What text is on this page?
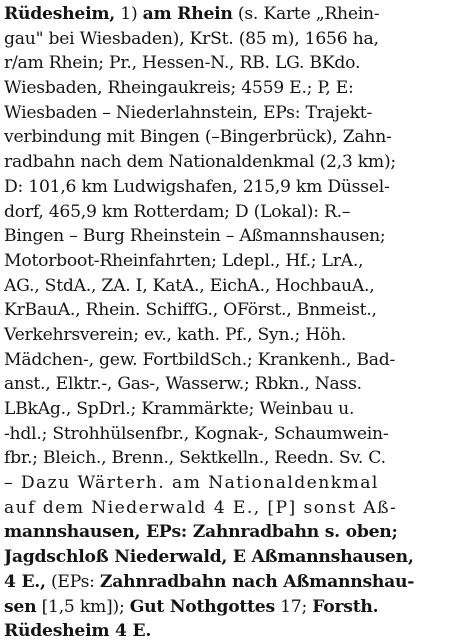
Rüdesheim, 1) am Rhein (s. Karte „Rhein-
gau" bei Wiesbaden), KrSt. (85 m), 1656 ha,
r/am Rhein; Pr., Hessen-N., RB. LG. BKdo.
Wiesbaden, Rheingaukreis; 4559 E.; P, E:
Wiesbaden – Niederlahnstein, EPs: Trajekt-
verbindung mit Bingen (–Bingerbrück), Zahn-
radbahn nach dem Nationaldenkmal (2,3 km);
D: 101,6 km Ludwigshafen, 215,9 km Düssel-
dorf, 465,9 km Rotterdam; D (Lokal): R.–
Bingen – Burg Rheinstein – Aßmannshausen;
Motorboot-Rheinfahrten; Ldepl., Hf.; LrA.,
AG., StdA., ZA. I, KatA., EichA., HochbauA.,
KrBauA., Rhein. SchiffG., OFörst., Bnmeist.,
Verkehrsverein; ev., kath. Pf., Syn.; Höh.
Mädchen-, gew. FortbildSch.; Krankenh., Bad-
anst., Elktr.-, Gas-, Wasserw.; Rbkn., Nass.
LBkAg., SpDrl.; Krammärkte; Weinbau u.
-hdl.; Strohhülsenfbr., Kognak-, Schaumwein-
fbr.; Bleich., Brenn., Sektkelln., Reedn. Sv. C.
– Dazu Wärterh. am Nationaldenkmal
auf dem Niederwald 4 E., [P] sonst Aß-
mannshausen, EPs: Zahnradbahn s. oben;
Jagdschloß Niederwald, E Aßmannshausen,
4 E., (EPs: Zahnradbahn nach Aßmannshau-
sen [1,5 km]); Gut Nothgottes 17; Forsth.
Rüdesheim 4 E.
